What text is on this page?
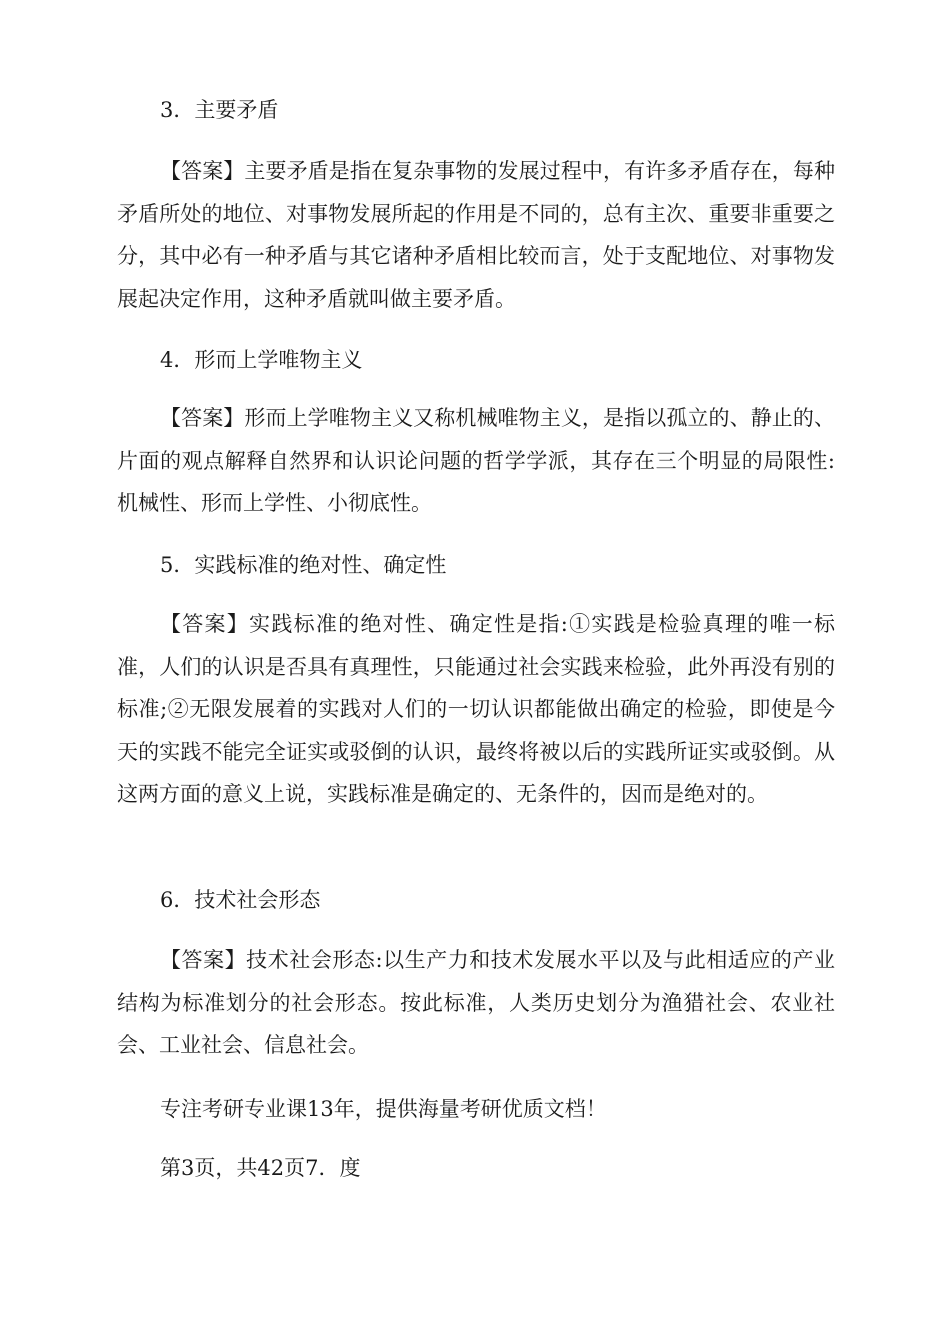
3．主要矛盾

【答案】主要矛盾是指在复杂事物的发展过程中，有许多矛盾存在，每种矛盾所处的地位、对事物发展所起的作用是不同的，总有主次、重要非重要之分，其中必有一种矛盾与其它诸种矛盾相比较而言，处于支配地位、对事物发展起决定作用，这种矛盾就叫做主要矛盾。

4．形而上学唯物主义

【答案】形而上学唯物主义又称机械唯物主义，是指以孤立的、静止的、片面的观点解释自然界和认识论问题的哲学学派，其存在三个明显的局限性:机械性、形而上学性、小彻底性。

5．实践标准的绝对性、确定性

【答案】实践标准的绝对性、确定性是指:①实践是检验真理的唯一标准，人们的认识是否具有真理性，只能通过社会实践来检验，此外再没有别的标准;②无限发展着的实践对人们的一切认识都能做出确定的检验，即使是今天的实践不能完全证实或驳倒的认识，最终将被以后的实践所证实或驳倒。从这两方面的意义上说，实践标准是确定的、无条件的，因而是绝对的。

6．技术社会形态

【答案】技术社会形态:以生产力和技术发展水平以及与此相适应的产业结构为标准划分的社会形态。按此标准，人类历史划分为渔猎社会、农业社会、工业社会、信息社会。

专注考研专业课13年，提供海量考研优质文档！
第3页，共42页7．度
